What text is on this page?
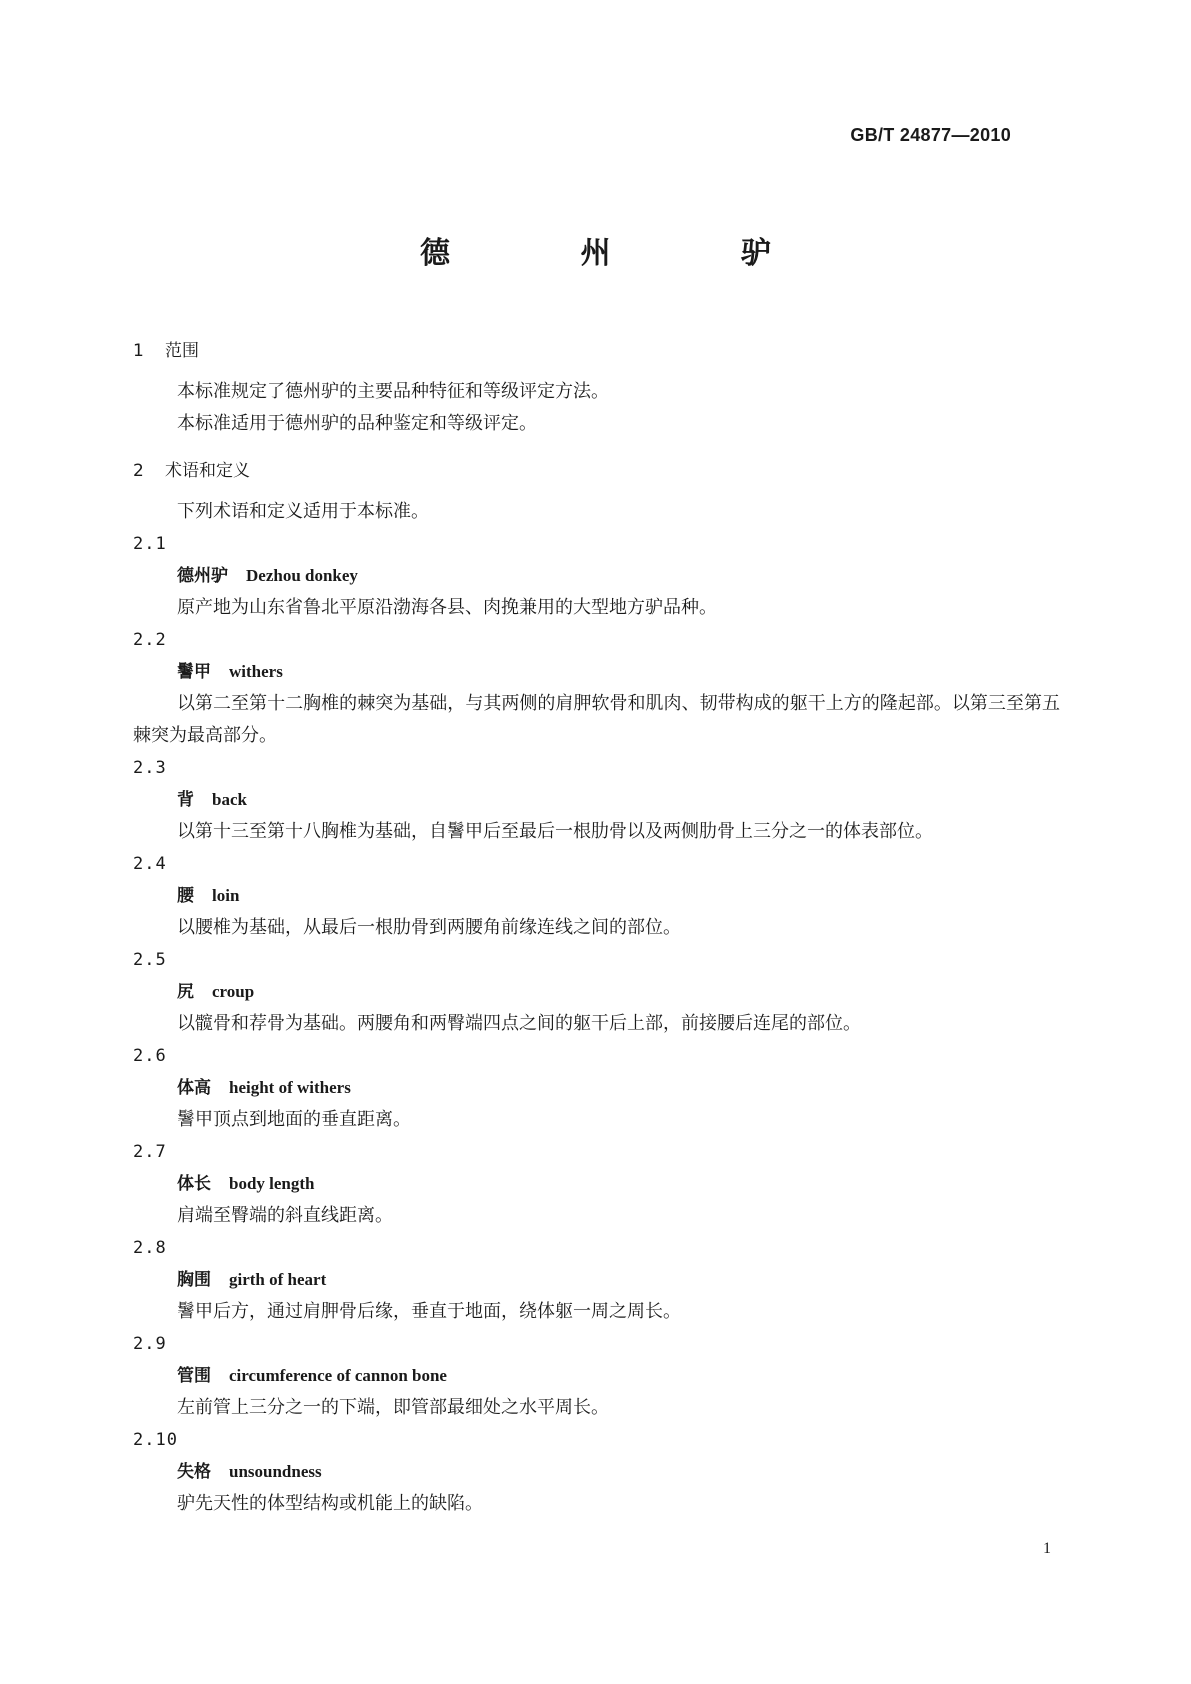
GB/T 24877—2010
德 州 驴
1 范围
本标准规定了德州驴的主要品种特征和等级评定方法。
本标准适用于德州驴的品种鉴定和等级评定。
2 术语和定义
下列术语和定义适用于本标准。
2.1
德州驴 Dezhou donkey
原产地为山东省鲁北平原沿渤海各县、肉挽兼用的大型地方驴品种。
2.2
鬐甲 withers
以第二至第十二胸椎的棘突为基础，与其两侧的肩胛软骨和肌肉、韧带构成的躯干上方的隆起部。以第三至第五棘突为最高部分。
2.3
背 back
以第十三至第十八胸椎为基础，自鬐甲后至最后一根肋骨以及两侧肋骨上三分之一的体表部位。
2.4
腰 loin
以腰椎为基础，从最后一根肋骨到两腰角前缘连线之间的部位。
2.5
尻 croup
以髋骨和荐骨为基础。两腰角和两臀端四点之间的躯干后上部，前接腰后连尾的部位。
2.6
体高 height of withers
鬐甲顶点到地面的垂直距离。
2.7
体长 body length
肩端至臀端的斜直线距离。
2.8
胸围 girth of heart
鬐甲后方，通过肩胛骨后缘，垂直于地面，绕体躯一周之周长。
2.9
管围 circumference of cannon bone
左前管上三分之一的下端，即管部最细处之水平周长。
2.10
失格 unsoundness
驴先天性的体型结构或机能上的缺陷。
1
